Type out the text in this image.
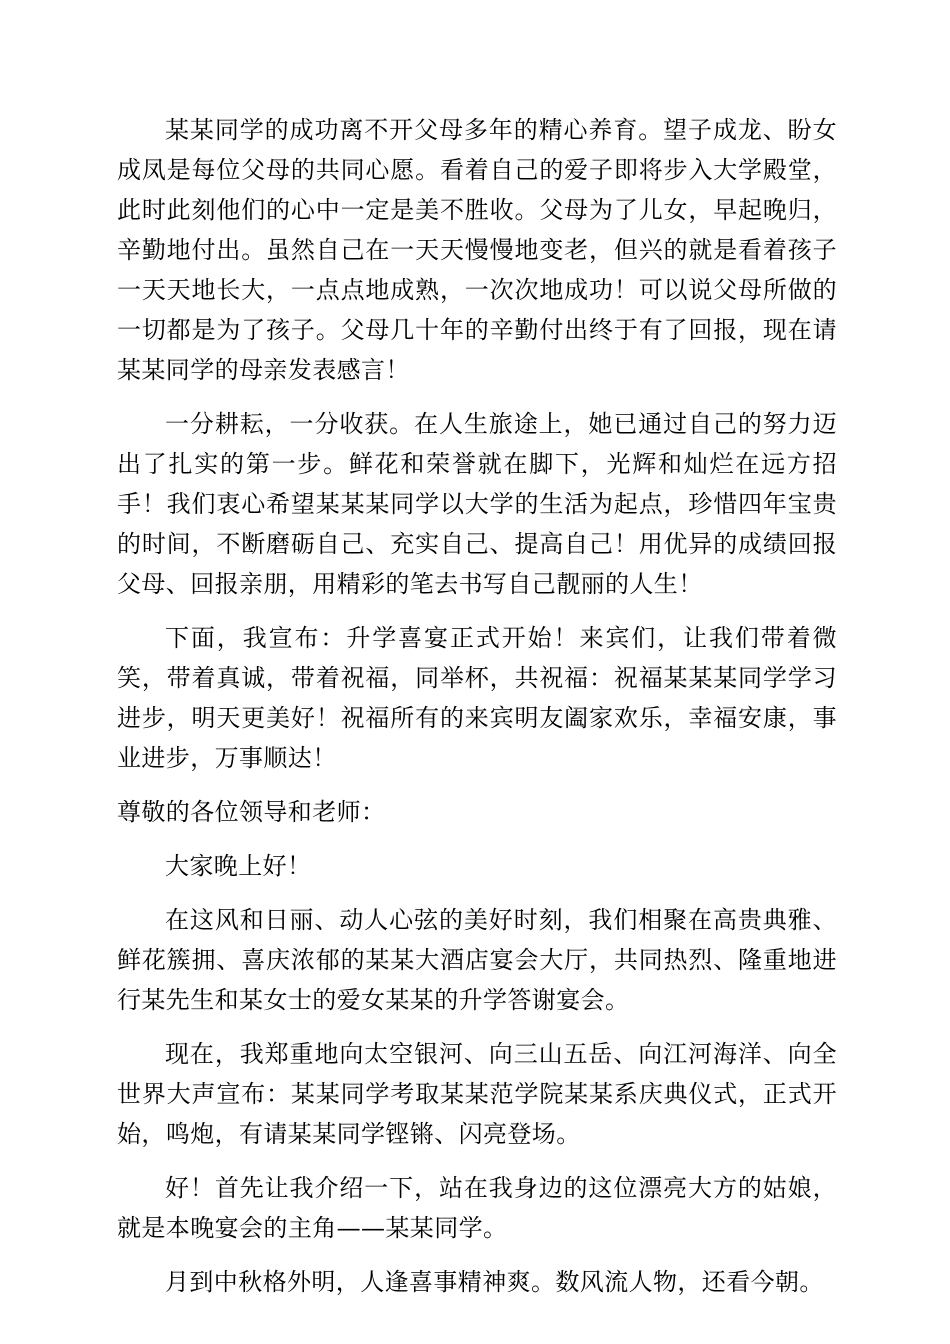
某某同学的成功离不开父母多年的精心养育。望子成龙、盼女成凤是每位父母的共同心愿。看着自己的爱子即将步入大学殿堂，此时此刻他们的心中一定是美不胜收。父母为了儿女，早起晚归，辛勤地付出。虽然自己在一天天慢慢地变老，但兴的就是看着孩子一天天地长大，一点点地成熟，一次次地成功！可以说父母所做的一切都是为了孩子。父母几十年的辛勤付出终于有了回报，现在请某某同学的母亲发表感言！

一分耕耘，一分收获。在人生旅途上，她已通过自己的努力迈出了扎实的第一步。鲜花和荣誉就在脚下，光辉和灿烂在远方招手！我们衷心希望某某某同学以大学的生活为起点，珍惜四年宝贵的时间，不断磨砺自己、充实自己、提高自己！用优异的成绩回报父母、回报亲朋，用精彩的笔去书写自己靓丽的人生！

下面，我宣布：升学喜宴正式开始！来宾们，让我们带着微笑，带着真诚，带着祝福，同举杯，共祝福：祝福某某某同学学习进步，明天更美好！祝福所有的来宾明友阖家欢乐，幸福安康，事业进步，万事顺达！

尊敬的各位领导和老师：

大家晚上好！

在这风和日丽、动人心弦的美好时刻，我们相聚在高贵典雅、鲜花簇拥、喜庆浓郁的某某大酒店宴会大厅，共同热烈、隆重地进行某先生和某女士的爱女某某的升学答谢宴会。

现在，我郑重地向太空银河、向三山五岳、向江河海洋、向全世界大声宣布：某某同学考取某某范学院某某系庆典仪式，正式开始，鸣炮，有请某某同学铿锵、闪亮登场。

好！首先让我介绍一下，站在我身边的这位漂亮大方的姑娘，就是本晚宴会的主角——某某同学。

月到中秋格外明，人逢喜事精神爽。数风流人物，还看今朝。
